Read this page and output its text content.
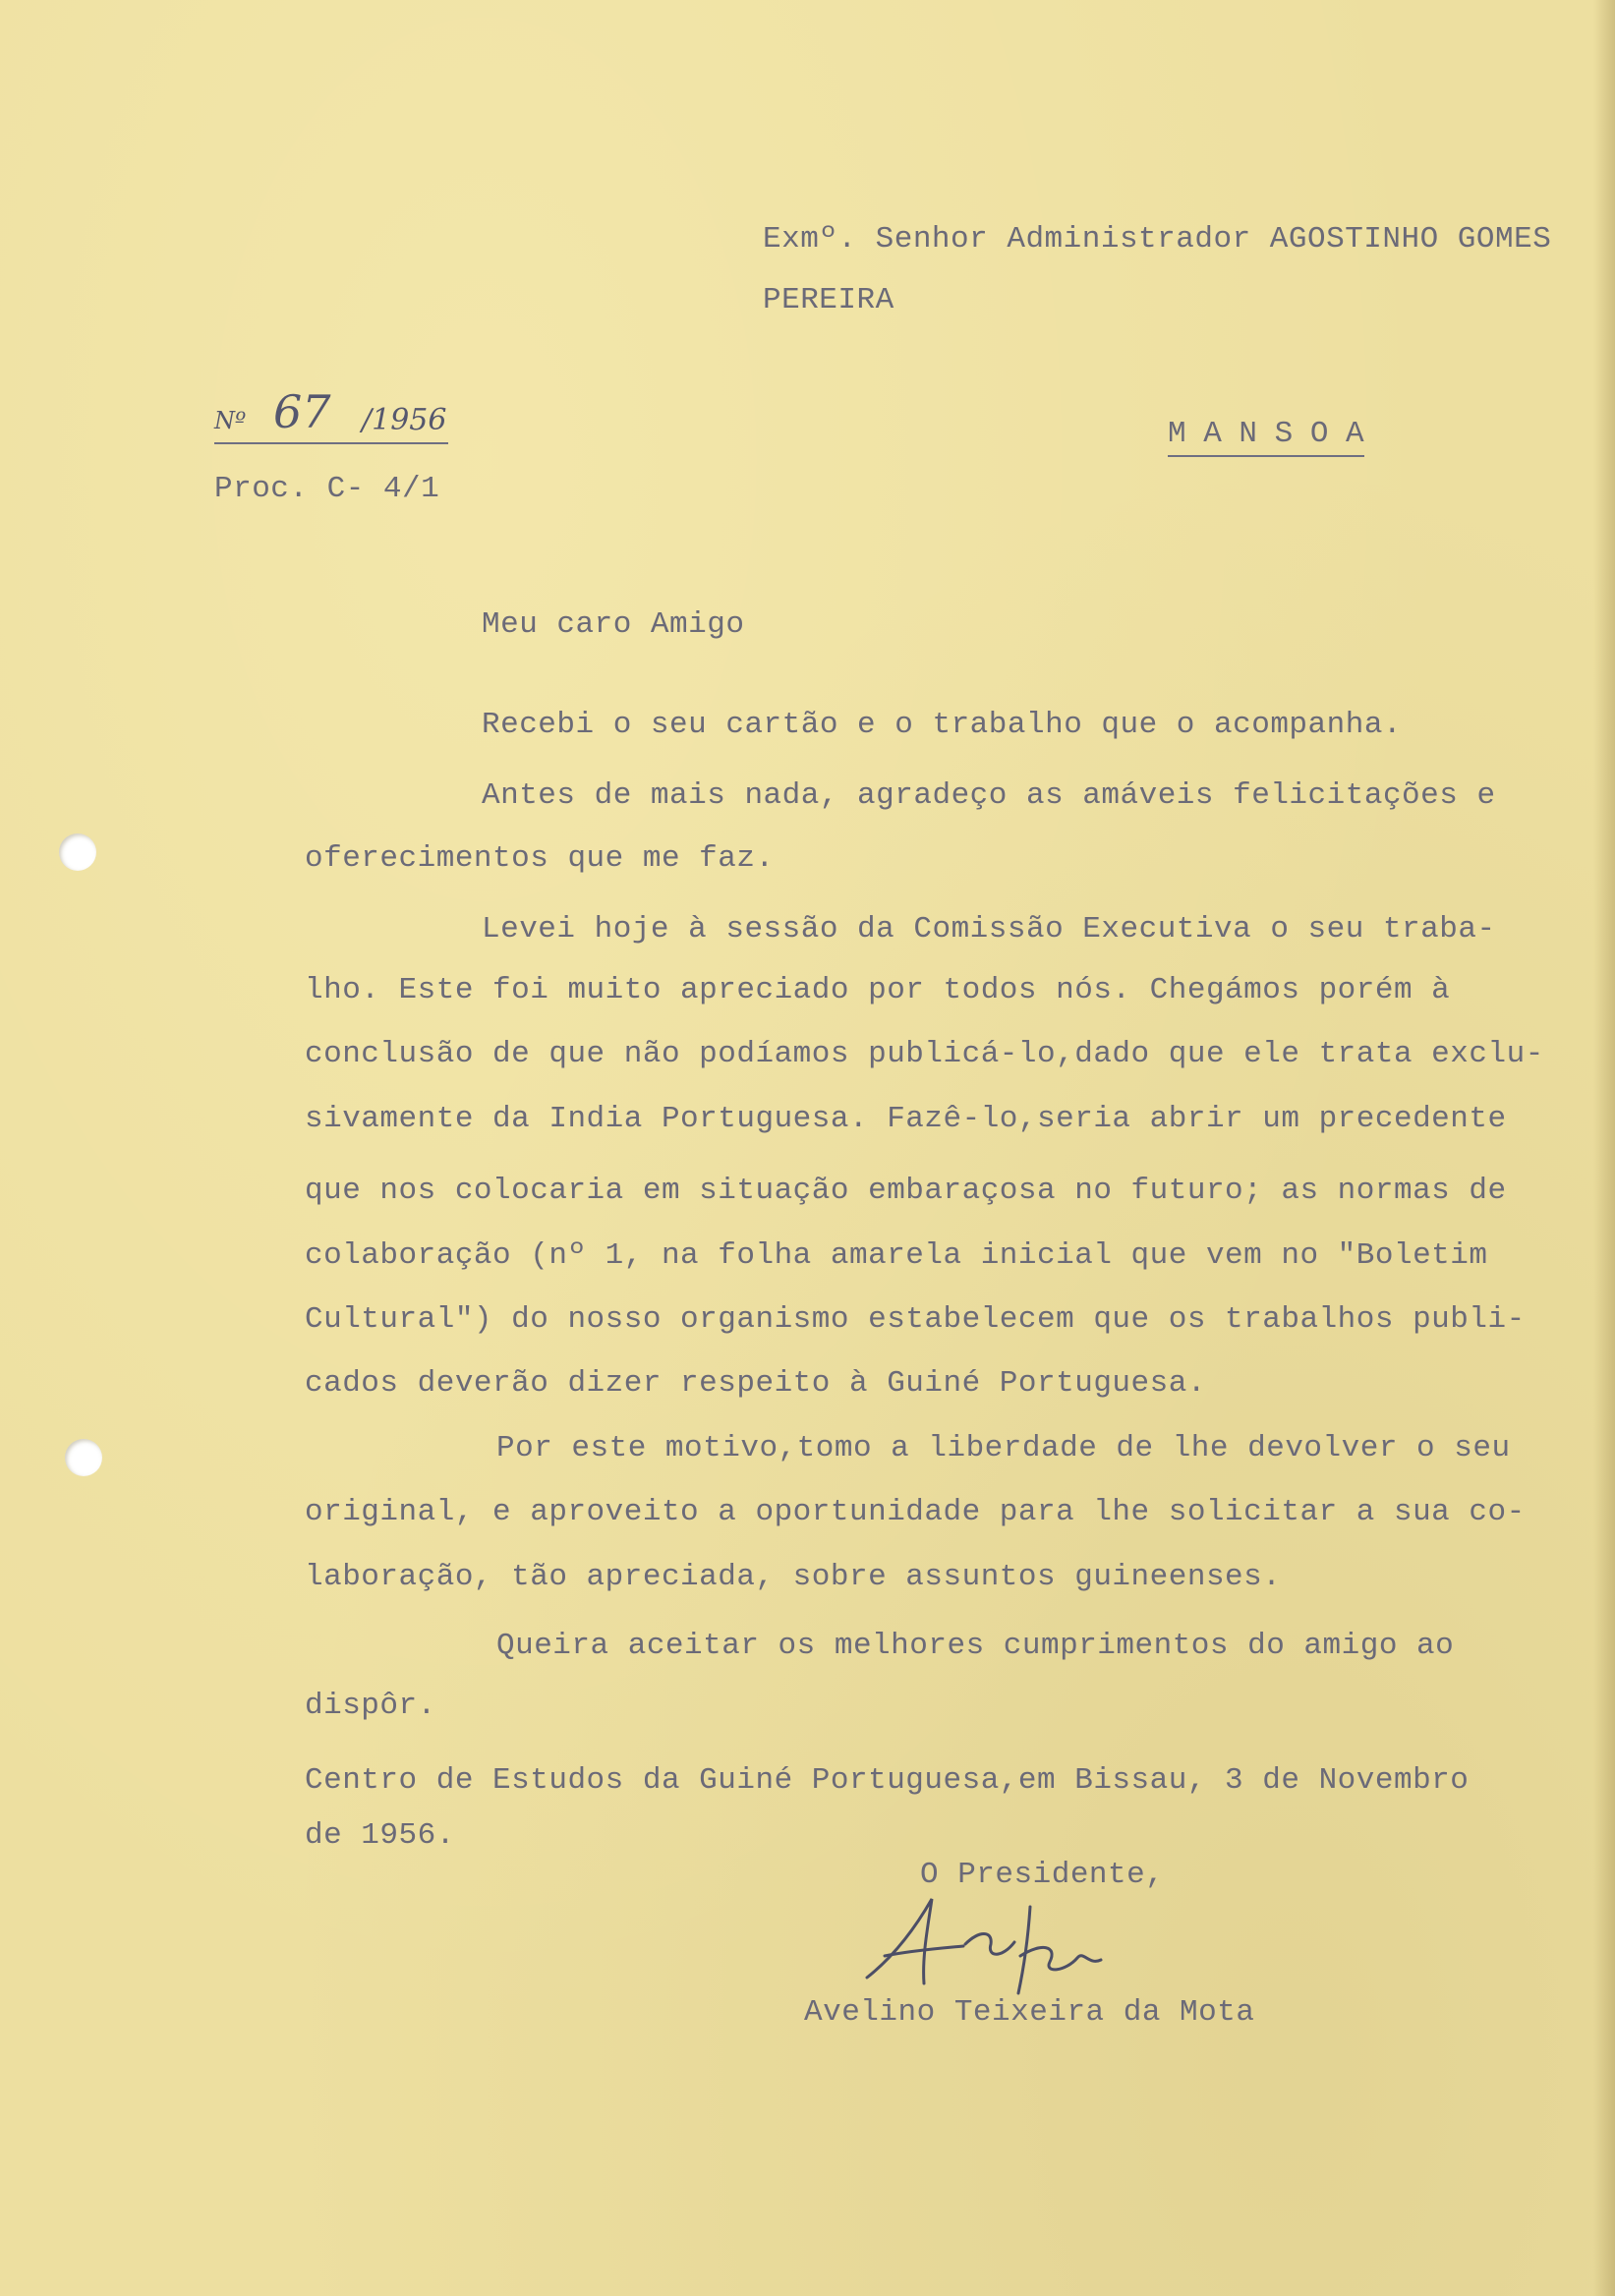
Exmº. Senhor Administrador AGOSTINHO GOMES
PEREIRA
Nº 67 /1956
Proc. C- 4/1
M A N S O A
Meu caro Amigo
Recebi o seu cartão e o trabalho que o acompanha.
Antes de mais nada, agradeço as amáveis felicitações e
oferecimentos que me faz.
Levei hoje à sessão da Comissão Executiva o seu traba-
lho. Este foi muito apreciado por todos nós. Chegámos porém à
conclusão de que não podíamos publicá-lo,dado que ele trata exclu-
sivamente da India Portuguesa. Fazê-lo,seria abrir um precedente
que nos colocaria em situação embaraçosa no futuro; as normas de
colaboração (nº 1, na folha amarela inicial que vem no "Boletim
Cultural") do nosso organismo estabelecem que os trabalhos publi-
cados deverão dizer respeito à Guiné Portuguesa.
Por este motivo,tomo a liberdade de lhe devolver o seu
original, e aproveito a oportunidade para lhe solicitar a sua co-
laboração, tão apreciada, sobre assuntos guineenses.
Queira aceitar os melhores cumprimentos do amigo ao
dispôr.
Centro de Estudos da Guiné Portuguesa,em Bissau, 3 de Novembro
de 1956.
O Presidente,
Avelino Teixeira da Mota
